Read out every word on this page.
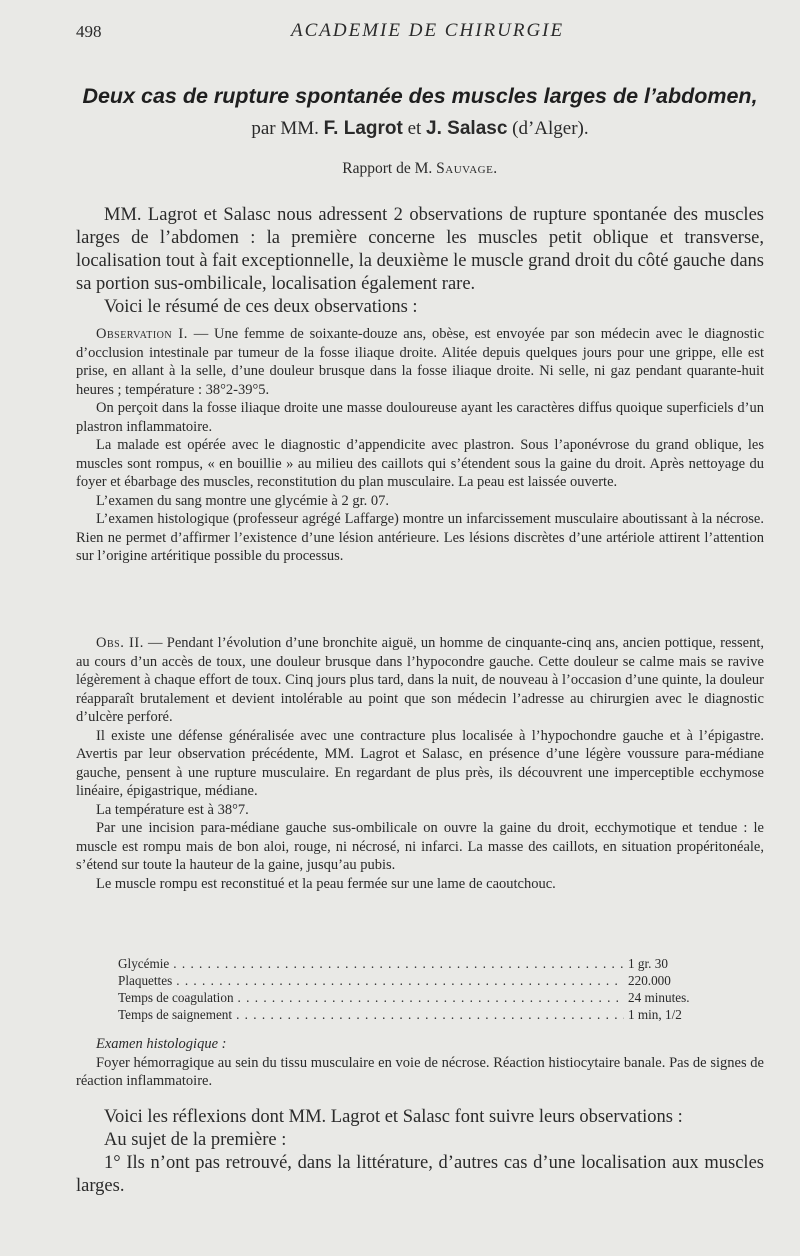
498	ACADEMIE DE CHIRURGIE
Deux cas de rupture spontanée des muscles larges de l’abdomen,
par MM. F. Lagrot et J. Salasc (d’Alger).
Rapport de M. Sauvage.

MM. Lagrot et Salasc nous adressent 2 observations de rupture spontanée des muscles larges de l’abdomen : la première concerne les muscles petit oblique et transverse, localisation tout à fait exceptionnelle, la deuxième le muscle grand droit du côté gauche dans sa portion sus-ombilicale, localisation également rare.

Voici le résumé de ces deux observations :

Observation I. — Une femme de soixante-douze ans, obèse, est envoyée par son médecin avec le diagnostic d’occlusion intestinale par tumeur de la fosse iliaque droite. Alitée depuis quelques jours pour une grippe, elle est prise, en allant à la selle, d’une douleur brusque dans la fosse iliaque droite. Ni selle, ni gaz pendant quarante-huit heures ; température : 38°2-39°5.

On perçoit dans la fosse iliaque droite une masse douloureuse ayant les caractères diffus quoique superficiels d’un plastron inflammatoire.

La malade est opérée avec le diagnostic d’appendicite avec plastron. Sous l’aponévrose du grand oblique, les muscles sont rompus, « en bouillie » au milieu des caillots qui s’étendent sous la gaine du droit. Après nettoyage du foyer et ébarbage des muscles, reconstitution du plan musculaire. La peau est laissée ouverte.

L’examen du sang montre une glycémie à 2 gr. 07.

L’examen histologique (professeur agrégé Laffarge) montre un infarcissement musculaire aboutissant à la nécrose. Rien ne permet d’affirmer l’existence d’une lésion antérieure. Les lésions discrètes d’une artériole attirent l’attention sur l’origine artéritique possible du processus.

Obs. II. — Pendant l’évolution d’une bronchite aiguë, un homme de cinquante-cinq ans, ancien pottique, ressent, au cours d’un accès de toux, une douleur brusque dans l’hypocondre gauche. Cette douleur se calme mais se ravive légèrement à chaque effort de toux. Cinq jours plus tard, dans la nuit, de nouveau à l’occasion d’une quinte, la douleur réapparaît brutalement et devient intolérable au point que son médecin l’adresse au chirurgien avec le diagnostic d’ulcère perforé.

Il existe une défense généralisée avec une contracture plus localisée à l’hypochondre gauche et à l’épigastre. Avertis par leur observation précédente, MM. Lagrot et Salasc, en présence d’une légère voussure para-médiane gauche, pensent à une rupture musculaire. En regardant de plus près, ils découvrent une imperceptible ecchymose linéaire, épigastrique, médiane.

La température est à 38°7.

Par une incision para-médiane gauche sus-ombilicale on ouvre la gaine du droit, ecchymotique et tendue : le muscle est rompu mais de bon aloi, rouge, ni nécrosé, ni infarci. La masse des caillots, en situation propéritonéale, s’étend sur toute la hauteur de la gaine, jusqu’au pubis.

Le muscle rompu est reconstitué et la peau fermée sur une lame de caoutchouc.

Glycémie . . .	1 gr. 30
Plaquettes . . .	220.000
Temps de coagulation . . .	24 minutes.
Temps de saignement . . .	1 min, 1/2

Examen histologique :

Foyer hémorragique au sein du tissu musculaire en voie de nécrose. Réaction histiocytaire banale. Pas de signes de réaction inflammatoire.

Voici les réflexions dont MM. Lagrot et Salasc font suivre leurs observations :

Au sujet de la première :

1° Ils n’ont pas retrouvé, dans la littérature, d’autres cas d’une localisation aux muscles larges.
